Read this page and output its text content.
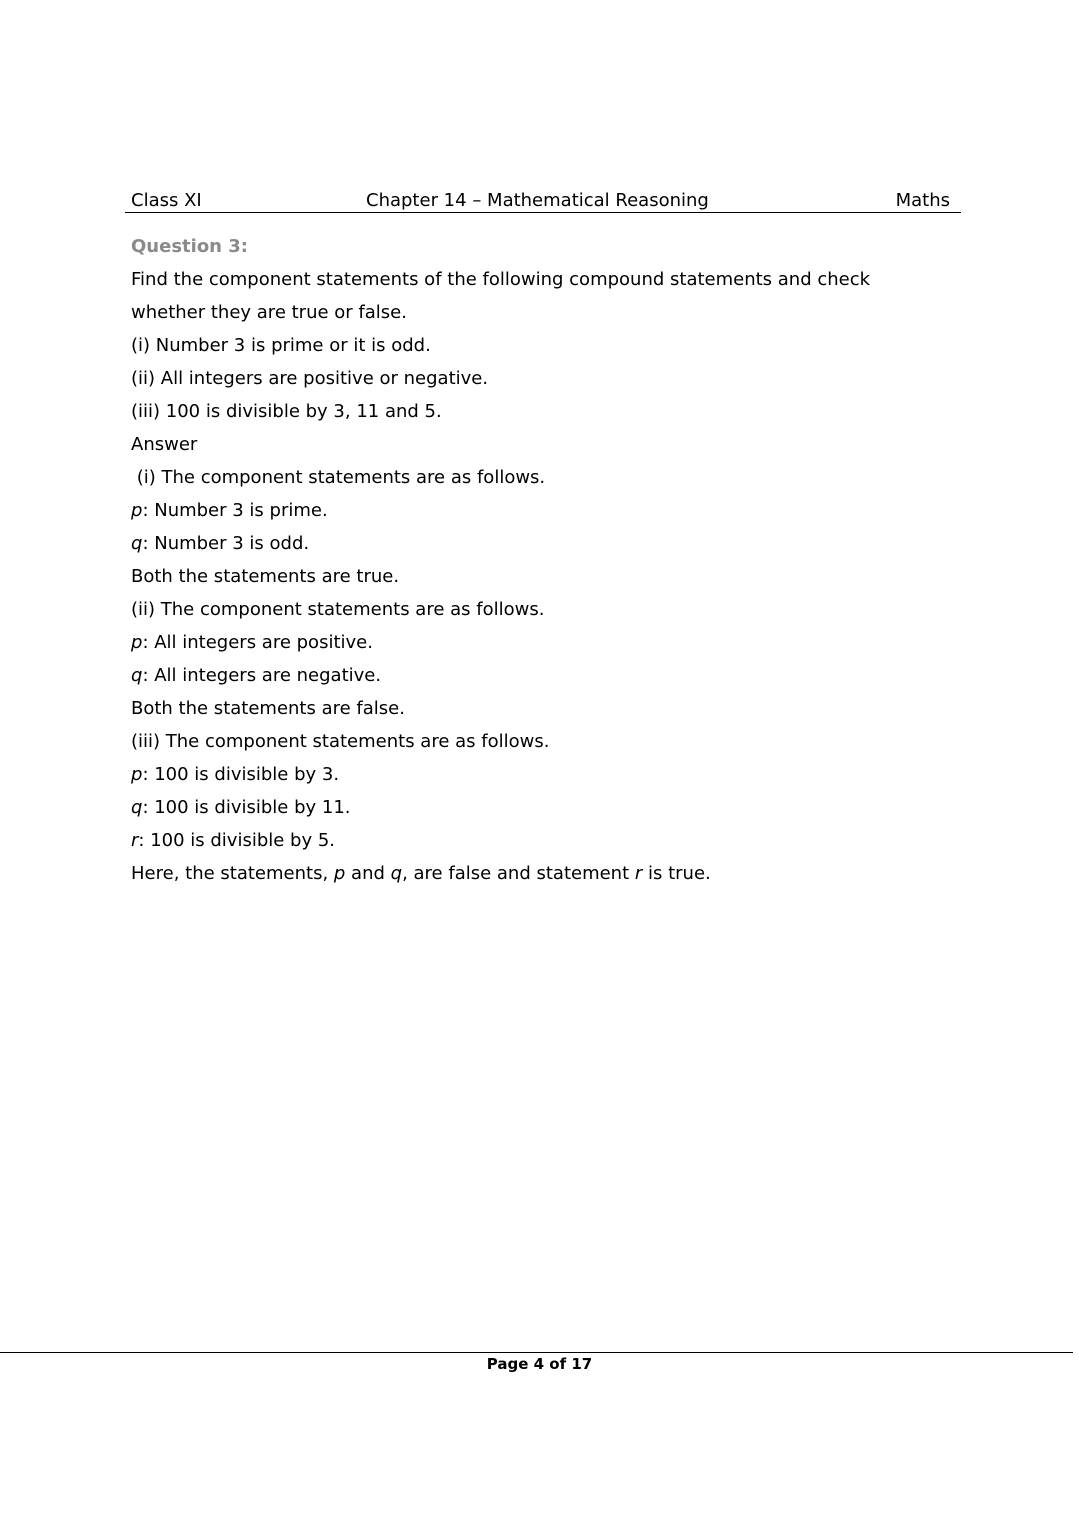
Class XI	Chapter 14 – Mathematical Reasoning	Maths
Question 3:
Find the component statements of the following compound statements and check
whether they are true or false.
(i) Number 3 is prime or it is odd.
(ii) All integers are positive or negative.
(iii) 100 is divisible by 3, 11 and 5.
Answer
(i) The component statements are as follows.
p: Number 3 is prime.
q: Number 3 is odd.
Both the statements are true.
(ii) The component statements are as follows.
p: All integers are positive.
q: All integers are negative.
Both the statements are false.
(iii) The component statements are as follows.
p: 100 is divisible by 3.
q: 100 is divisible by 11.
r: 100 is divisible by 5.
Here, the statements, p and q, are false and statement r is true.
Page 4 of 17
